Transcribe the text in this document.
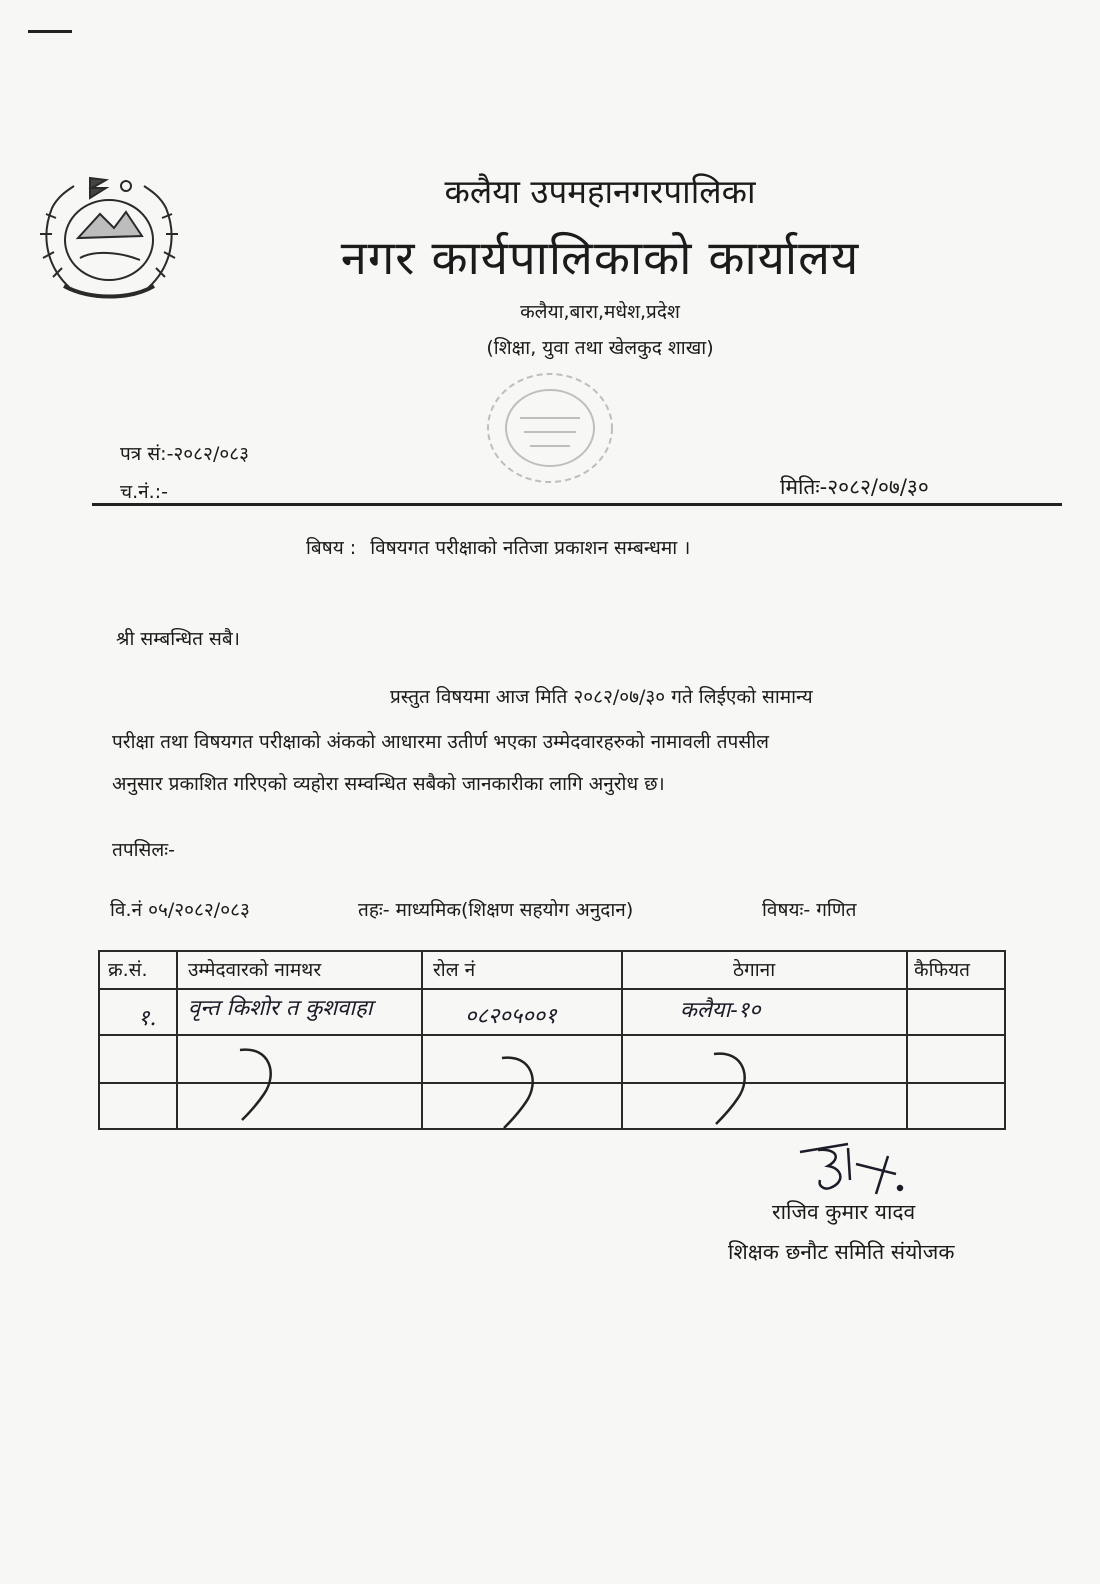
कलैया उपमहानगरपालिका
नगर कार्यपालिकाको कार्यालय
कलैया,बारा,मधेश,प्रदेश
(शिक्षा, युवा तथा खेलकुद शाखा)
पत्र सं:-२०८२/०८३
च.नं.:-	मितिः-२०८२/०७/३०
बिषय : विषयगत परीक्षाको नतिजा प्रकाशन सम्बन्धमा ।
श्री सम्बन्धित सबै।
प्रस्तुत विषयमा आज मिति २०८२/०७/३० गते लिईएको सामान्य
परीक्षा तथा विषयगत परीक्षाको अंकको आधारमा उतीर्ण भएका उम्मेदवारहरुको नामावली तपसील
अनुसार प्रकाशित गरिएको व्यहोरा सम्वन्धित सबैको जानकारीका लागि अनुरोध छ।
तपसिलः-
वि.नं ०५/२०८२/०८३	तहः- माध्यमिक(शिक्षण सहयोग अनुदान)	विषयः- गणित
क्र.सं. उम्मेदवारको नामथर	रोल नं	ठेगाना	कैफियत
१. वृन्त किशोर त कुशवाहा	०८२०५००१	कलैया-१०
राजिव कुमार यादव
शिक्षक छनौट समिति संयोजक
